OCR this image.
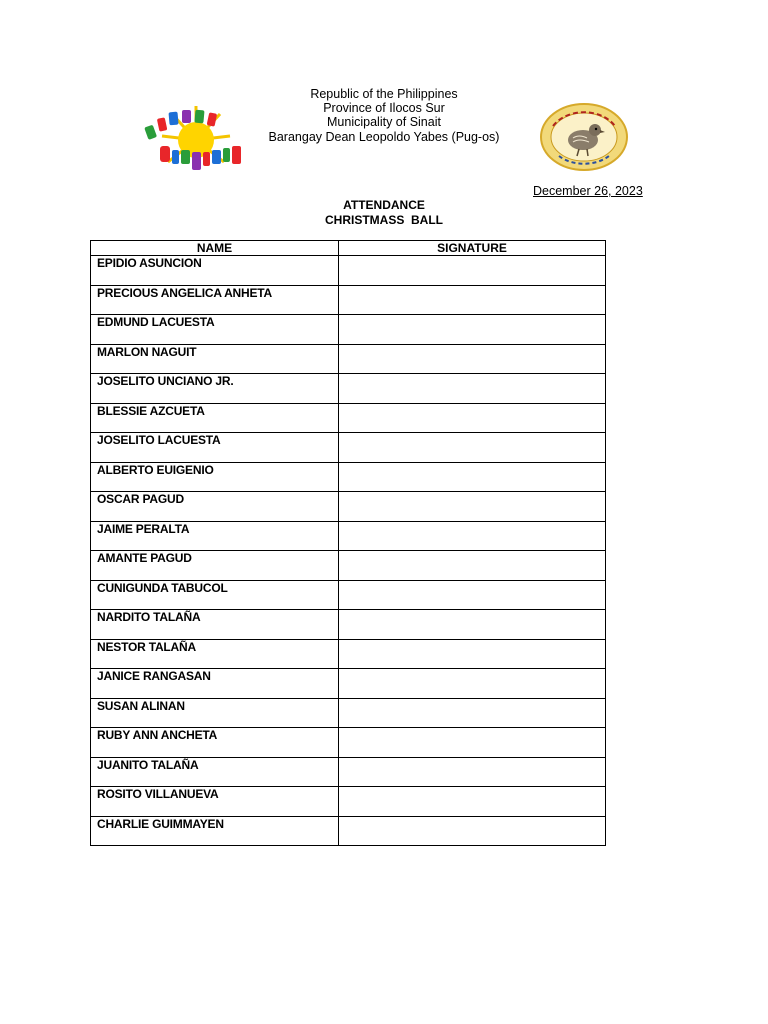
Republic of the Philippines
Province of Ilocos Sur
Municipality of Sinait
Barangay Dean Leopoldo Yabes (Pug-os)
December 26, 2023
ATTENDANCE
CHRISTMASS  BALL
NAME	SIGNATURE
EPIDIO ASUNCION	
PRECIOUS ANGELICA ANHETA	
EDMUND LACUESTA	
MARLON NAGUIT	
JOSELITO UNCIANO JR.	
BLESSIE AZCUETA	
JOSELITO LACUESTA	
ALBERTO EUIGENIO	
OSCAR PAGUD	
JAIME PERALTA	
AMANTE PAGUD	
CUNIGUNDA TABUCOL	
NARDITO TALAÑA	
NESTOR TALAÑA	
JANICE RANGASAN	
SUSAN ALINAN	
RUBY ANN ANCHETA	
JUANITO TALAÑA	
ROSITO VILLANUEVA	
CHARLIE GUIMMAYEN	
